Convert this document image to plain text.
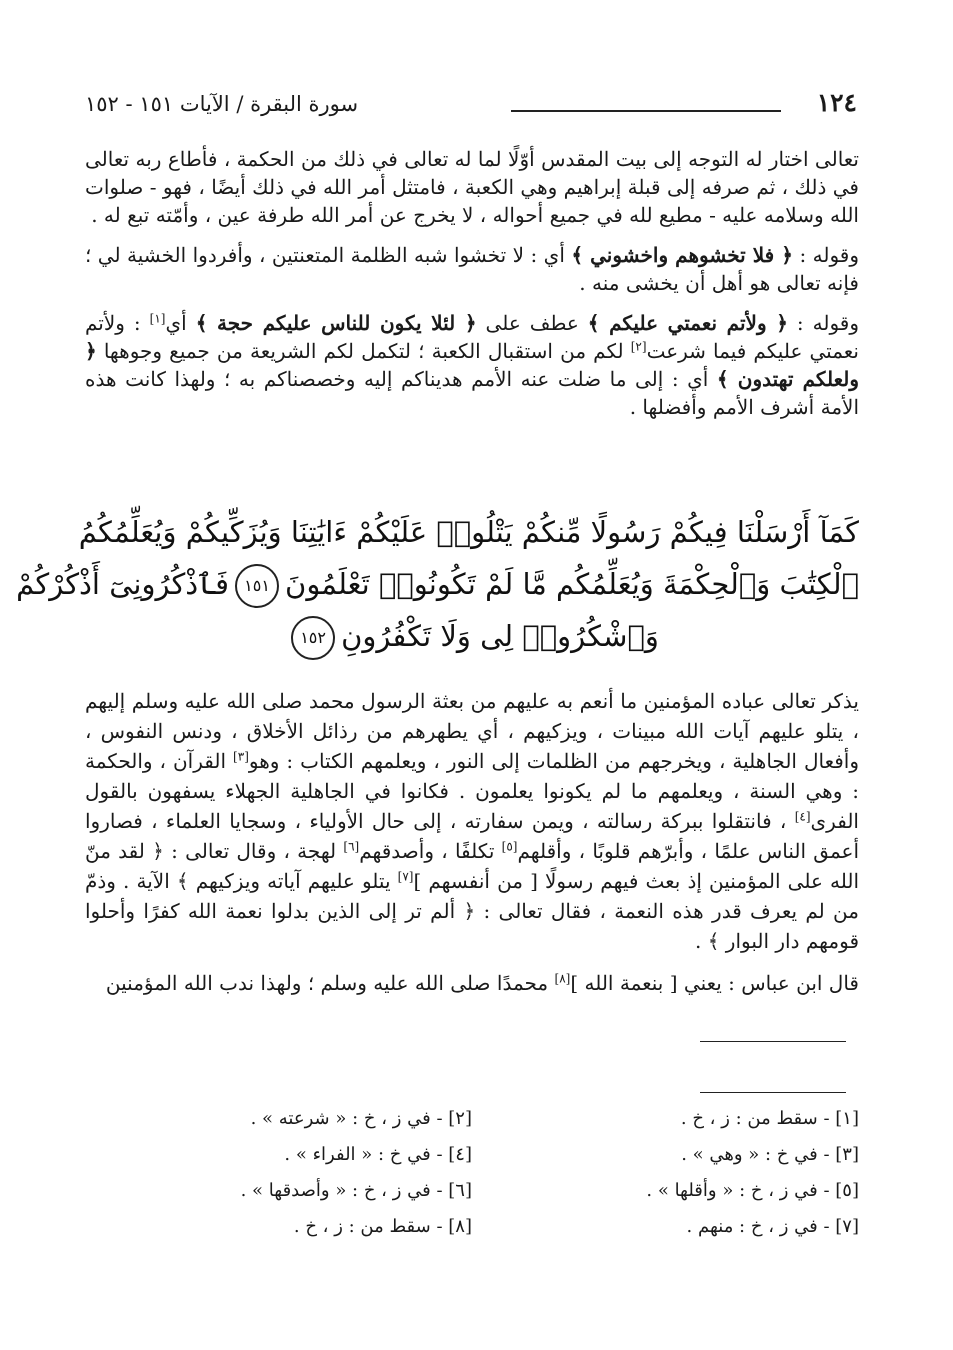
سورة البقرة / الآيات ١٥١ - ١٥٢	١٢٤

تعالى اختار له التوجه إلى بيت المقدس أوّلًا لما له تعالى في ذلك من الحكمة ، فأطاع ربه تعالى في ذلك ، ثم صرفه إلى قبلة إبراهيم وهي الكعبة ، فامتثل أمر الله في ذلك أيضًا ، فهو - صلوات الله وسلامه عليه - مطيع لله في جميع أحواله ، لا يخرج عن أمر الله طرفة عين ، وأمّته تبع له .

وقوله : ﴿ فلا تخشوهم واخشوني ﴾ أي : لا تخشوا شبه الظلمة المتعنتين ، وأفردوا الخشية لي ؛ فإنه تعالى هو أهل أن يخشى منه .

وقوله : ﴿ ولأتم نعمتي عليكم ﴾ عطف على ﴿ لئلا يكون للناس عليكم حجة ﴾ أي[١] : ولأتم نعمتي عليكم فيما شرعت[٢] لكم من استقبال الكعبة ؛ لتكمل لكم الشريعة من جميع وجوهها ﴿ ولعلكم تهتدون ﴾ أي : إلى ما ضلت عنه الأمم هديناكم إليه وخصصناكم به ؛ ولهذا كانت هذه الأمة أشرف الأمم وأفضلها .

كَمَآ أَرْسَلْنَا فِيكُمْ رَسُولًا مِّنكُمْ يَتْلُوا۟ عَلَيْكُمْ ءَايَٰتِنَا وَيُزَكِّيكُمْ وَيُعَلِّمُكُمُ
ٱلْكِتَٰبَ وَٱلْحِكْمَةَ وَيُعَلِّمُكُم مَّا لَمْ تَكُونُوا۟ تَعْلَمُونَ١٥١فَٱذْكُرُونِىٓ أَذْكُرْكُمْ
وَٱشْكُرُوا۟ لِى وَلَا تَكْفُرُونِ١٥٢

يذكر تعالى عباده المؤمنين ما أنعم به عليهم من بعثة الرسول محمد صلى الله عليه وسلم إليهم ، يتلو عليهم آيات الله مبينات ، ويزكيهم ، أي يطهرهم من رذائل الأخلاق ، ودنس النفوس ، وأفعال الجاهلية ، ويخرجهم من الظلمات إلى النور ، ويعلمهم الكتاب : وهو[٣] القرآن ، والحكمة : وهي السنة ، ويعلمهم ما لم يكونوا يعلمون . فكانوا في الجاهلية الجهلاء يسفهون بالقول الفرى[٤] ، فانتقلوا ببركة رسالته ، ويمن سفارته ، إلى حال الأولياء ، وسجايا العلماء ، فصاروا أعمق الناس علمًا ، وأبرّهم قلوبًا ، وأقلهم[٥] تكلفًا ، وأصدقهم[٦] لهجة ، وقال تعالى : ﴿ لقد منّ الله على المؤمنين إذ بعث فيهم رسولًا [ من أنفسهم ][٧] يتلو عليهم آياته ويزكيهم ﴾ الآية . وذمّ من لم يعرف قدر هذه النعمة ، فقال تعالى : ﴿ ألم تر إلى الذين بدلوا نعمة الله كفرًا وأحلوا قومهم دار البوار ﴾ .

قال ابن عباس : يعني [ بنعمة الله ][٨] محمدًا صلى الله عليه وسلم ؛ ولهذا ندب الله المؤمنين

[١] - سقط من : ز ، خ .
[٢] - في ز ، خ : « شرعته » .
[٣] - في خ : « وهي » .
[٤] - في خ : « الفراء » .
[٥] - في ز ، خ : « وأقلها » .
[٦] - في ز ، خ : « وأصدقها » .
[٧] - في ز ، خ : منهم .
[٨] - سقط من : ز ، خ .
